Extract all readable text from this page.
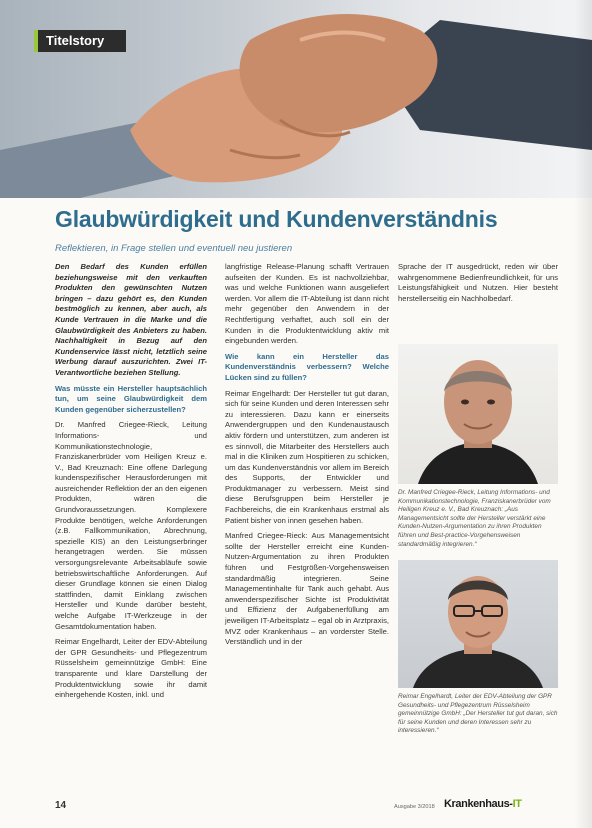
Titelstory
Glaubwürdigkeit und Kundenverständnis
Reflektieren, in Frage stellen und eventuell neu justieren

Den Bedarf des Kunden erfüllen beziehungsweise mit den verkauften Produkten den gewünschten Nutzen bringen – dazu gehört es, den Kunden bestmöglich zu kennen, aber auch, als Kunde Vertrauen in die Marke und die Glaubwürdigkeit des Anbieters zu haben. Nachhaltigkeit in Bezug auf den Kundenservice lässt nicht, letztlich seine Werbung darauf auszurichten. Zwei IT-Verantwortliche beziehen Stellung.

Was müsste ein Hersteller hauptsächlich tun, um seine Glaubwürdigkeit dem Kunden gegenüber sicherzustellen?

Dr. Manfred Criegee-Rieck, Leitung Informations- und Kommunikationstechnologie, Franziskanerbrüder vom Heiligen Kreuz e. V., Bad Kreuznach: Eine offene Darlegung kundenspezifischer Herausforderungen mit ausreichender Reflektion der an den eigenen Produkten, wären die Grundvoraussetzungen. Komplexere Produkte benötigen, welche Anforderungen (z.B. Fallkommunikation, Abrechnung, spezielle KIS) an den Leistungserbringer herangetragen werden. Sie müssen versorgungsrelevante Arbeitsabläufe sowie betriebswirtschaftliche Anforderungen. Auf dieser Grundlage können sie einen Dialog stattfinden, damit Einklang zwischen Hersteller und Kunde darüber besteht, welche Aufgabe IT-Werkzeuge in der Gesamtdokumentation haben.

Reimar Engelhardt, Leiter der EDV-Abteilung der GPR Gesundheits- und Pflegezentrum Rüsselsheim gemeinnützige GmbH: Eine transparente und klare Darstellung der Produktentwicklung sowie ihr damit einhergehende Kosten, inkl. und

langfristige Release-Planung schafft Vertrauen aufseiten der Kunden. Es ist nachvollziehbar, was und welche Funktionen wann ausgeliefert werden. Vor allem die IT-Abteilung ist dann nicht mehr gegenüber den Anwendern in der Rechtfertigung verhaftet, auch soll ein der Kunden in die Produktentwicklung aktiv mit eingebunden werden.

Wie kann ein Hersteller das Kundenverständnis verbessern? Welche Lücken sind zu füllen?

Reimar Engelhardt: Der Hersteller tut gut daran, sich für seine Kunden und deren Interessen sehr zu interessieren. Dazu kann er einerseits Anwendergruppen und den Kundenaustausch aktiv fördern und unterstützen, zum anderen ist es sinnvoll, die Mitarbeiter des Herstellers auch mal in die Kliniken zum Hospitieren zu schicken, um das Kundenverständnis vor allem im Bereich des Supports, der Entwickler und Produktmanager zu verbessern. Meist sind diese Berufsgruppen beim Hersteller je Fachbereichs, die ein Krankenhaus erstmal als Patient bisher von innen gesehen haben.

Manfred Criegee-Rieck: Aus Managementsicht sollte der Hersteller erreicht eine Kunden-Nutzen-Argumentation zu ihren Produkten führen und Festgrößen-Vorgehensweisen standardmäßig integrieren. Seine Managementinhalte für Tank auch gehabt. Aus anwenderspezifischer Sichte ist Produktivität und Effizienz der Aufgabenerfüllung am jeweiligen IT-Arbeitsplatz – egal ob in Arztpraxis, MVZ oder Krankenhaus – an vorderster Stelle. Verständlich und in der

Sprache der IT ausgedrückt, reden wir über wahrgenommene Bedienfreundlichkeit, für uns Leistungsfähigkeit und Nutzen. Hier besteht herstellerseitig ein Nachholbedarf.

Dr. Manfred Criegee-Rieck, Leitung Informations- und Kommunikationstechnologie, Franziskanerbrüder vom Heiligen Kreuz e. V., Bad Kreuznach: „Aus Managementsicht sollte der Hersteller verstärkt eine Kunden-Nutzen-Argumentation zu ihren Produkten führen und Best-practice-Vorgehensweisen standardmäßig integrieren.“
Reimar Engelhardt, Leiter der EDV-Abteilung der GPR Gesundheits- und Pflegezentrum Rüsselsheim gemeinnützige GmbH: „Der Hersteller tut gut daran, sich für seine Kunden und deren Interessen sehr zu interessieren.“
14	Ausgabe 3/2018 Krankenhaus-IT
